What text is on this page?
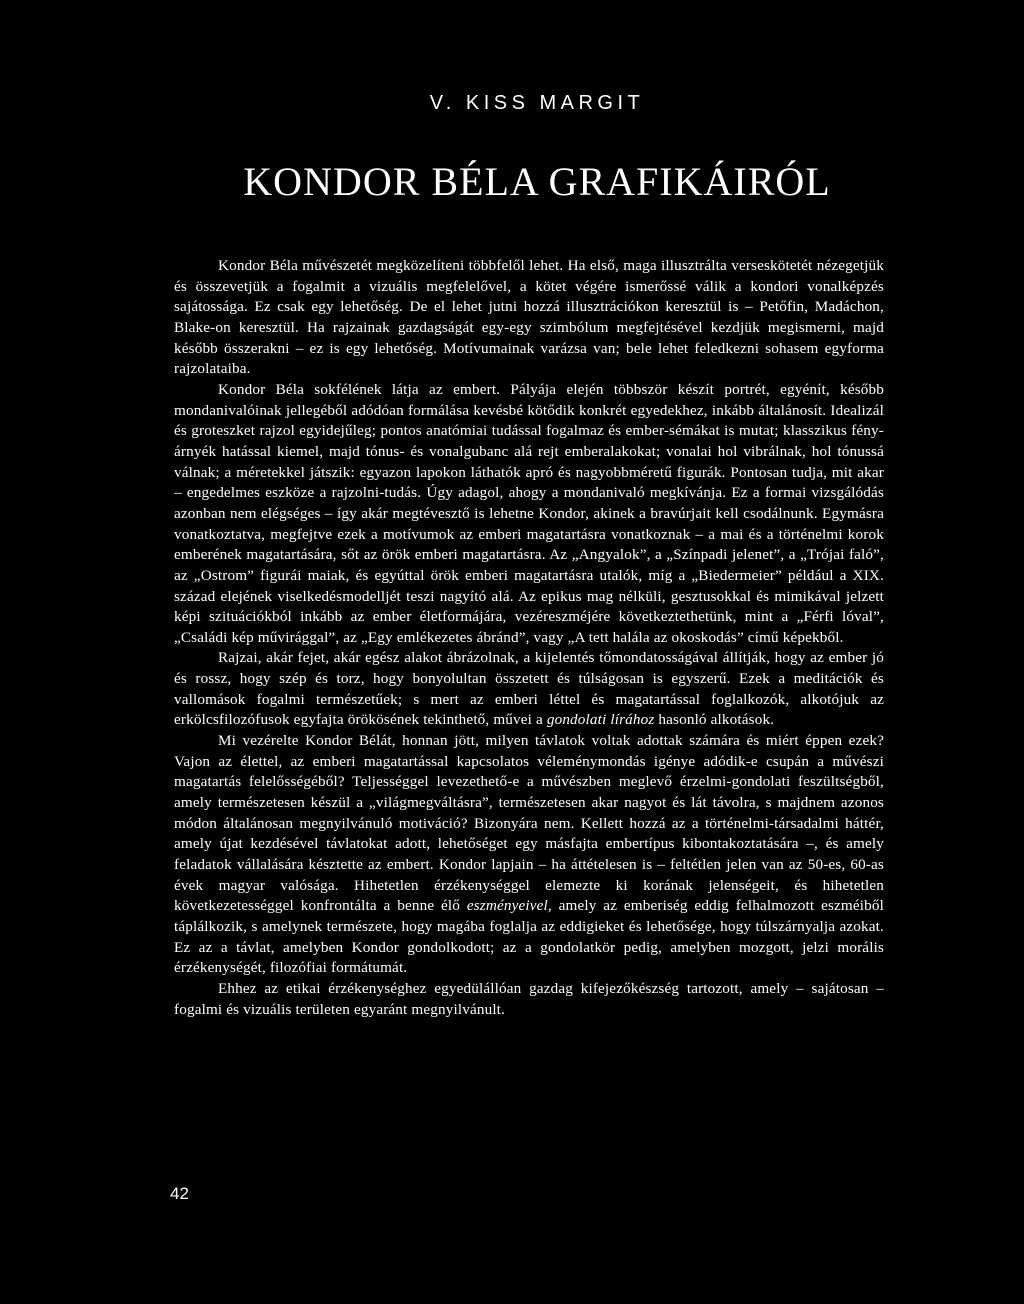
V. KISS MARGIT
KONDOR BÉLA GRAFIKÁIRÓL

Kondor Béla művészetét megközelíteni többfelől lehet. Ha első, maga illusztrálta verseskötetét nézegetjük és összevetjük a fogalmit a vizuális megfelelővel, a kötet végére ismerőssé válik a kondori vonalképzés sajátossága. Ez csak egy lehetőség. De el lehet jutni hozzá illusztrációkon keresztül is – Petőfin, Madáchon, Blake-on keresztül. Ha rajzainak gazdagságát egy-egy szimbólum megfejtésével kezdjük megismerni, majd később összerakni – ez is egy lehetőség. Motívumainak varázsa van; bele lehet feledkezni sohasem egyforma rajzolataiba.

Kondor Béla sokfélének látja az embert. Pályája elején többször készít portrét, egyénít, később mondanivalóinak jellegéből adódóan formálása kevésbé kötődik konkrét egyedekhez, inkább általánosít. Idealizál és groteszket rajzol egyidejűleg; pontos anatómiai tudással fogalmaz és ember-sémákat is mutat; klasszikus fény-árnyék hatással kiemel, majd tónus- és vonalgubanc alá rejt emberalakokat; vonalai hol vibrálnak, hol tónussá válnak; a méretekkel játszik: egyazon lapokon láthatók apró és nagyobbméretű figurák. Pontosan tudja, mit akar – engedelmes eszköze a rajzolni-tudás. Úgy adagol, ahogy a mondanivaló megkívánja. Ez a formai vizsgálódás azonban nem elégséges – így akár megtévesztő is lehetne Kondor, akinek a bravúrjait kell csodálnunk. Egymásra vonatkoztatva, megfejtve ezek a motívumok az emberi magatartásra vonatkoznak – a mai és a történelmi korok emberének magatartására, sőt az örök emberi magatartásra. Az „Angyalok”, a „Színpadi jelenet”, a „Trójai faló”, az „Ostrom” figurái maiak, és egyúttal örök emberi magatartásra utalók, míg a „Biedermeier” például a XIX. század elejének viselkedésmodelljét teszi nagyító alá. Az epikus mag nélküli, gesztusokkal és mimikával jelzett képi szituációkból inkább az ember életformájára, vezéreszméjére következtethetünk, mint a „Férfi lóval”, „Családi kép művirággal”, az „Egy emlékezetes ábránd”, vagy „A tett halála az okoskodás” című képekből.

Rajzai, akár fejet, akár egész alakot ábrázolnak, a kijelentés tőmondatosságával állítják, hogy az ember jó és rossz, hogy szép és torz, hogy bonyolultan összetett és túlságosan is egyszerű. Ezek a meditációk és vallomások fogalmi természetűek; s mert az emberi léttel és magatartással foglalkozók, alkotójuk az erkölcsfilozófusok egyfajta örökösének tekinthető, művei a gondolati lírához hasonló alkotások.

Mi vezérelte Kondor Bélát, honnan jött, milyen távlatok voltak adottak számára és miért éppen ezek? Vajon az élettel, az emberi magatartással kapcsolatos véleménymondás igénye adódik-e csupán a művészi magatartás felelősségéből? Teljességgel levezethető-e a művészben meglevő érzelmi-gondolati feszültségből, amely természetesen készül a „világmegváltásra”, természetesen akar nagyot és lát távolra, s majdnem azonos módon általánosan megnyilvánuló motiváció? Bizonyára nem. Kellett hozzá az a történelmi-társadalmi háttér, amely újat kezdésével távlatokat adott, lehetőséget egy másfajta embertípus kibontakoztatására –, és amely feladatok vállalására késztette az embert. Kondor lapjain – ha áttételesen is – feltétlen jelen van az 50-es, 60-as évek magyar valósága. Hihetetlen érzékenységgel elemezte ki korának jelenségeit, és hihetetlen következetességgel konfrontálta a benne élő eszményeivel, amely az emberiség eddig felhalmozott eszméiből táplálkozik, s amelynek természete, hogy magába foglalja az eddigieket és lehetősége, hogy túlszárnyalja azokat. Ez az a távlat, amelyben Kondor gondolkodott; az a gondolatkör pedig, amelyben mozgott, jelzi morális érzékenységét, filozófiai formátumát.

Ehhez az etikai érzékenységhez egyedülállóan gazdag kifejezőkészség tartozott, amely – sajátosan – fogalmi és vizuális területen egyaránt megnyilvánult.

42
